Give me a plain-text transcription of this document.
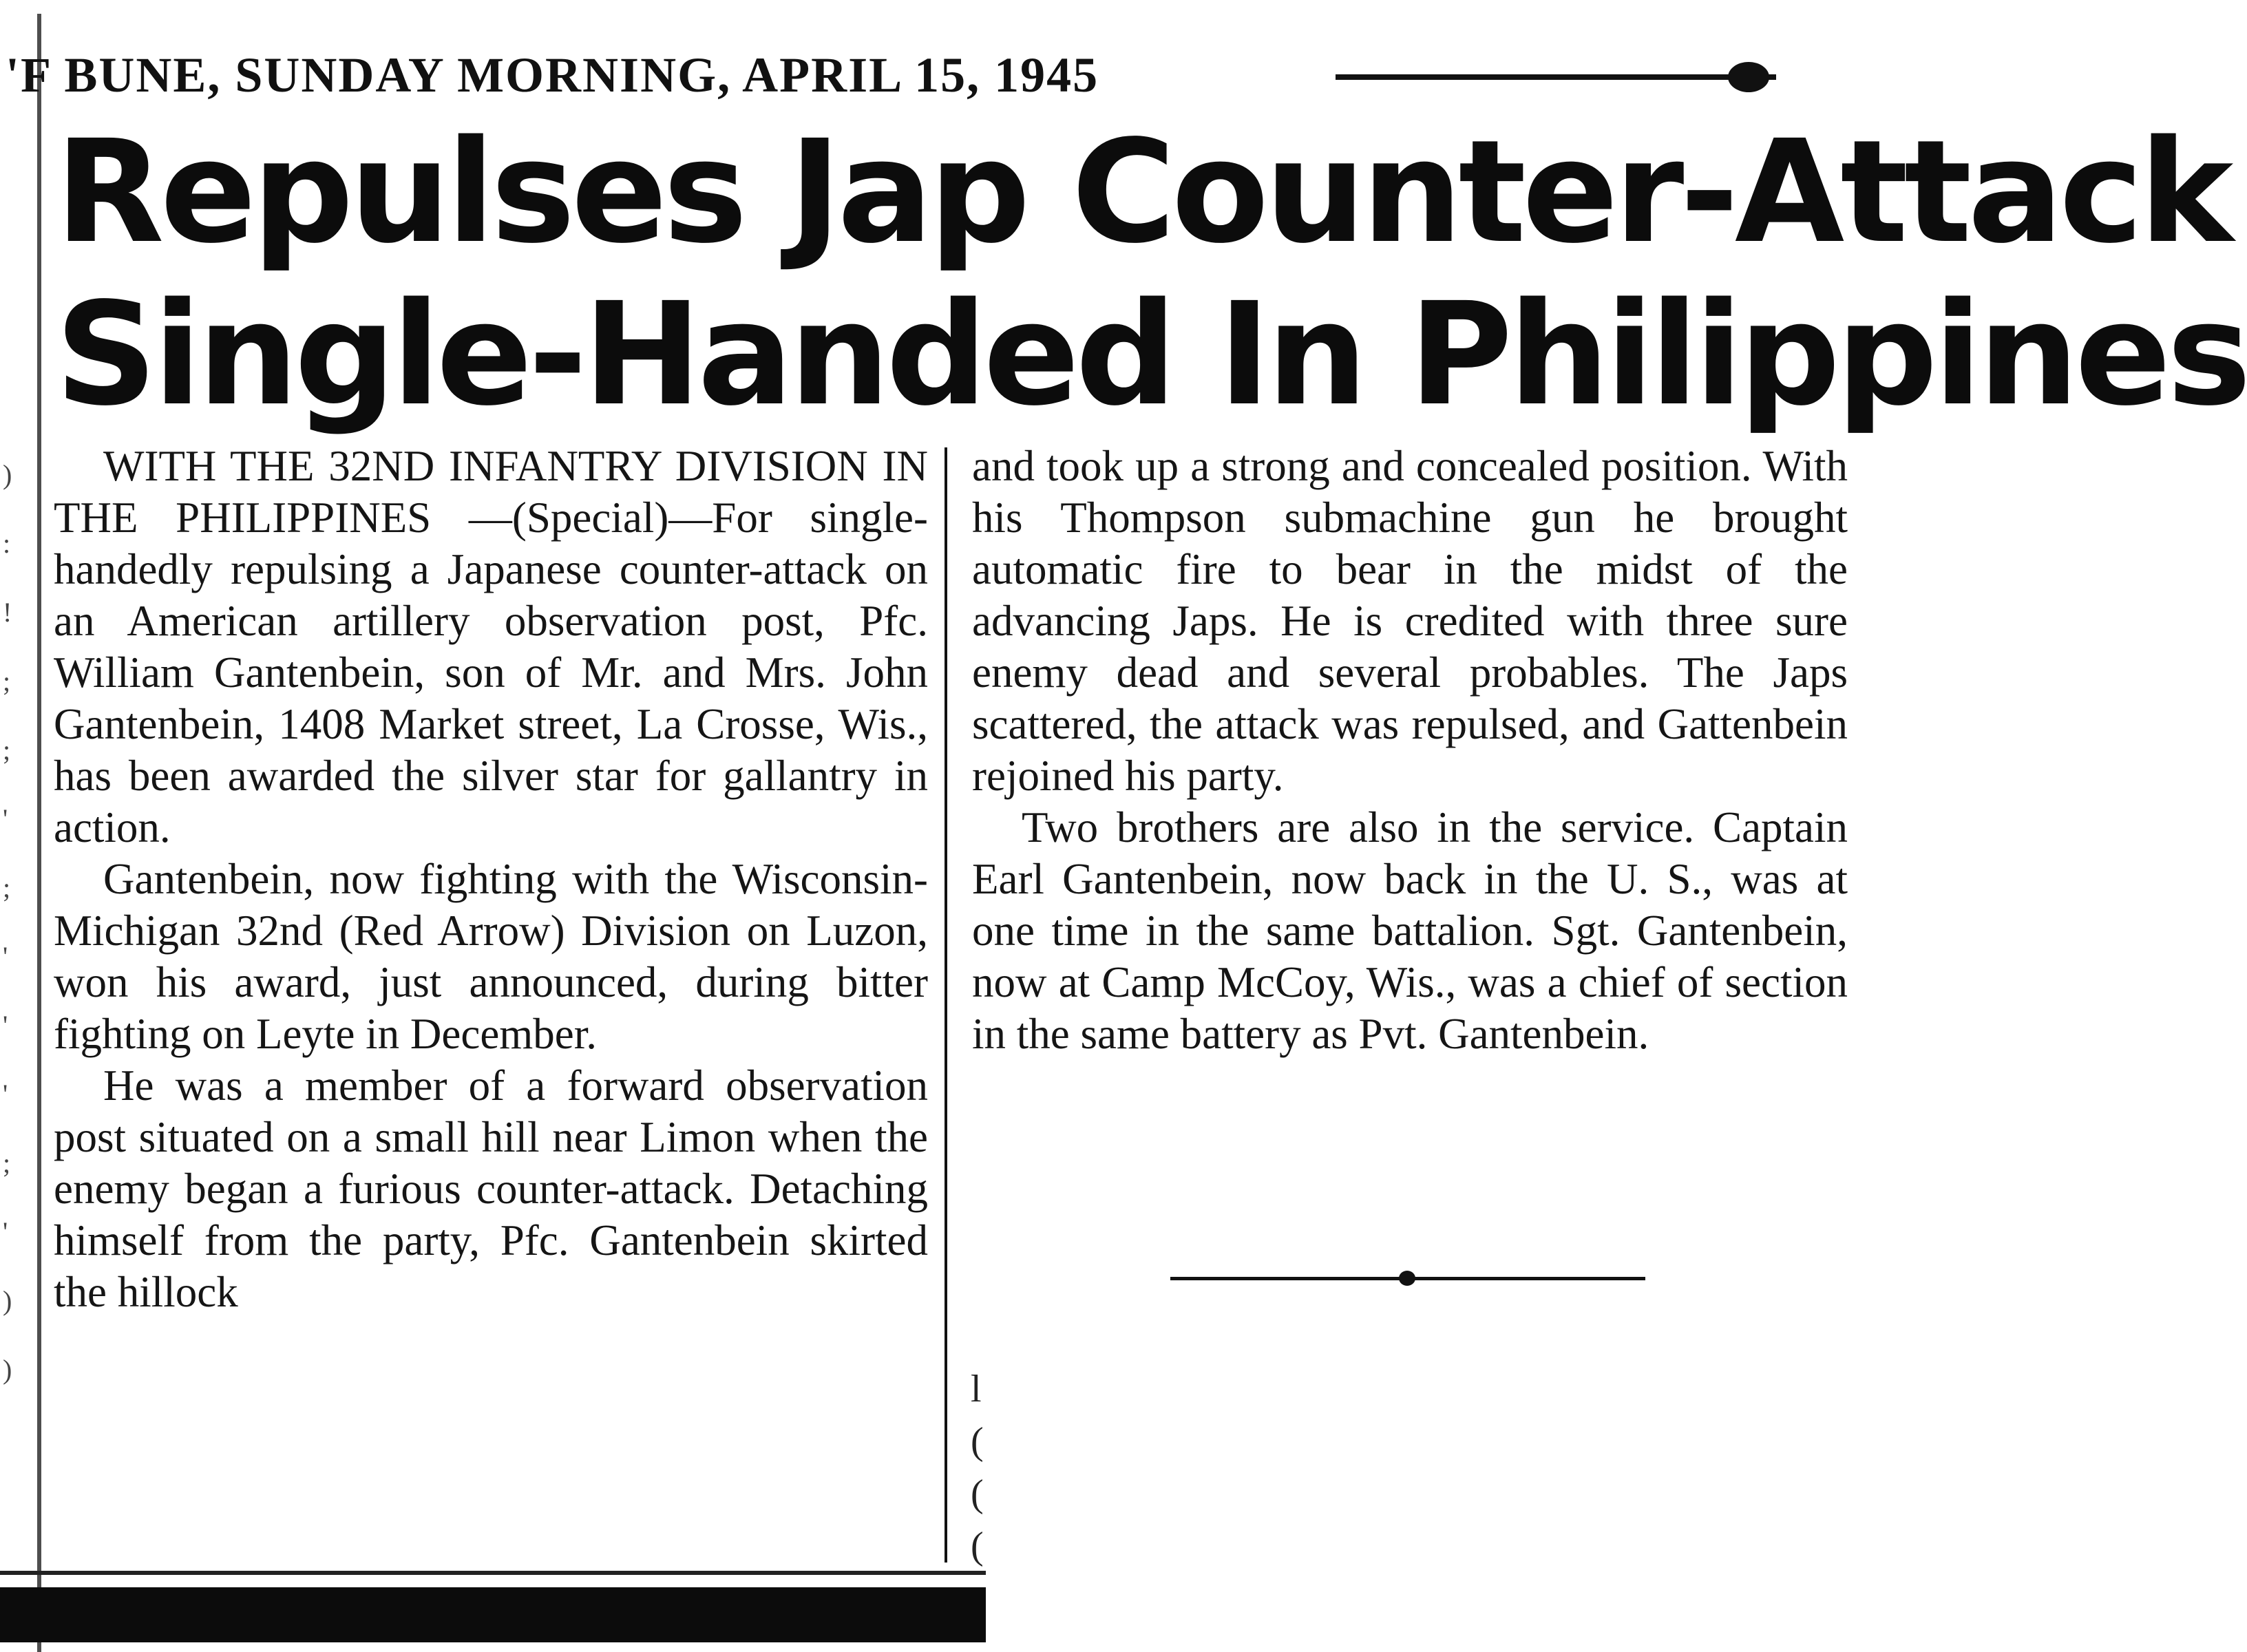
'F BUNE, SUNDAY MORNING, APRIL 15, 1945
Repulses Jap Counter-Attack
Single-Handed In Philippines

WITH THE 32ND INFANTRY DIVISION IN THE PHILIPPINES —(Special)—For single-handedly repulsing a Japanese counter-attack on an American artillery observation post, Pfc. William Gantenbein, son of Mr. and Mrs. John Gantenbein, 1408 Market street, La Crosse, Wis., has been awarded the silver star for gallantry in action.

Gantenbein, now fighting with the Wisconsin-Michigan 32nd (Red Arrow) Division on Luzon, won his award, just announced, during bitter fighting on Leyte in December.

He was a member of a forward observation post situated on a small hill near Limon when the enemy began a furious counter-attack. Detaching himself from the party, Pfc. Gantenbein skirted the hillock

and took up a strong and concealed position. With his Thompson submachine gun he brought automatic fire to bear in the midst of the advancing Japs. He is credited with three sure enemy dead and several probables. The Japs scattered, the attack was repulsed, and Gattenbein rejoined his party.

Two brothers are also in the service. Captain Earl Gantenbein, now back in the U. S., was at one time in the same battalion. Sgt. Gantenbein, now at Camp McCoy, Wis., was a chief of section in the same battery as Pvt. Gantenbein.

)
:
!
;
;
'
;
'
'
'
;
'
)
)	l
(
(
(
